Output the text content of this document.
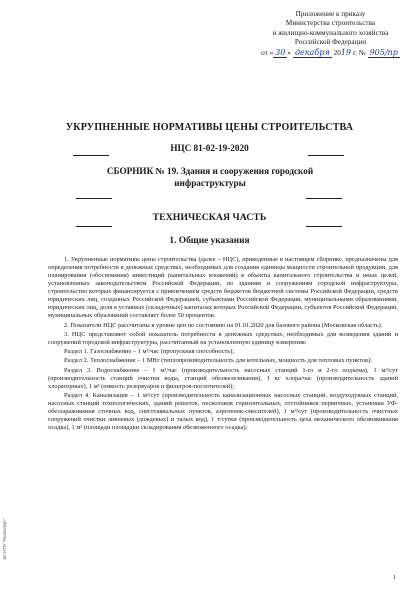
Приложение к приказу
Министерства строительства
и жилищно-коммунального хозяйства
Российской Федерации
от « 30 » декабря 20 19 г. № 905/пр
УКРУПНЕННЫЕ НОРМАТИВЫ ЦЕНЫ СТРОИТЕЛЬСТВА
НЦС 81-02-19-2020
СБОРНИК № 19. Здания и сооружения городской инфраструктуры
ТЕХНИЧЕСКАЯ ЧАСТЬ
1. Общие указания

1. Укрупненные нормативы цены строительства (далее – НЦС), приведенные в настоящем сборнике, предназначены для определения потребности в денежных средствах, необходимых для создания единицы мощности строительной продукции, для планирования (обоснования) инвестиций (капитальных вложений) в объекты капитального строительства и иных целей, установленных законодательством Российской Федерации, по зданиям и сооружениям городской инфраструктуры, строительство которых финансируется с привлечением средств бюджетов бюджетной системы Российской Федерации, средств юридических лиц, созданных Российской Федерацией, субъектами Российской Федерации, муниципальными образованиями, юридических лиц, доля в уставных (складочных) капиталах которых Российской Федерации, субъектов Российской Федерации, муниципальных образований составляет более 50 процентов.

2. Показатели НЦС рассчитаны в уровне цен по состоянию на 01.01.2020 для базового района (Московская область).

3. НЦС представляют собой показатель потребности в денежных средствах, необходимых для возведения зданий и сооружений городской инфраструктуры, рассчитанный на установленную единицу измерения:

Раздел 1. Газоснабжение – 1 м³/час (пропускная способность);

Раздел 2. Теплоснабжение – 1 МВт (теплопроизводительность для котельных, мощность для тепловых пунктов);

Раздел 3. Водоснабжение – 1 м³/час (производительность насосных станций 1-го и 2-го подъема), 1 м³/сут (производительность станций очистки воды, станций обезжелезивания), 1 кг хлора/час (производительность зданий хлораторных), 1 м³ (емкость резервуаров и фильтров-поглотителей);

Раздел 4. Канализация – 1 м³/сут (производительность канализационных насосных станций, воздуходувных станций, насосных станций технологических, зданий решеток, песколовок горизонтальных, отстойников первичных, установки УФ-обеззараживания сточных вод, снеготаявальных пунктов, аэротенок-смесителей), 1 м³/сут (производительность очистных сооружений очистки ливневых (дождевых) и талых вод), 1 т/сутки (производительность цеха механического обезвоживания осадка), 1 м² (площади площадки складирования обезвоженного осадка);

ЭС НТИ "Техэксперт"
1
